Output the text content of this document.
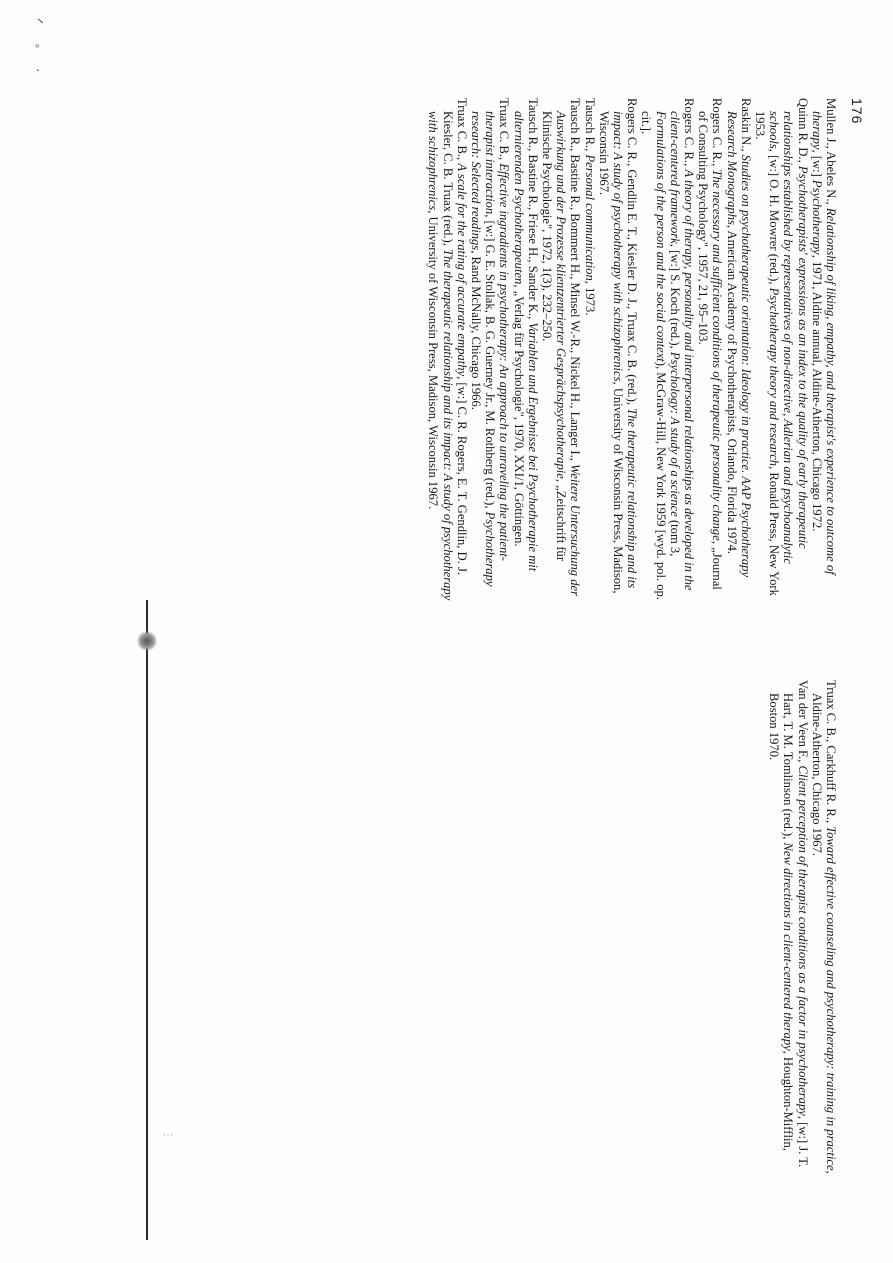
Mullen J., Abeles N., Relationship of liking, empathy, and therapist's experience to outcome of therapy, [w:] Psychotherapy, 1971, Aldine annual, Aldine-Atherton, Chicago 1972.

Quinn R. D., Psychotherapists' expressions as an index to the quality of early therapeutic relationships established by representatives of non-directive, Adlerian and psychoanalytic schools, [w:] O. H. Mowrer (red.), Psychotherapy theory and research, Ronald Press, New York 1953.

Raskin N., Studies on psychotherapeutic orientation: Ideology in practice. AAP Psychotherapy Research Monographs, American Academy of Psychotherapists, Orlando, Florida 1974.

Rogers C. R., The necessary and sufficient conditions of therapeutic personality change, „Journal of Consulting Psychology", 1957, 21, 95–103.

Rogers C. R., A theory of therapy, personality and interpersonal relationships as developed in the client-centered framework, [w:] S. Koch (red.), Psychology: A study of a science (tom 3, Formulations of the person and the social context), McGraw-Hill, New York 1959 [wyd. pol. op. cit.].

Rogers C. R., Gendlin E. T., Kiesler D. J., Truax C. B. (red.), The therapeutic relationship and its impact: A study of psychotherapy with schizophrenics, University of Wisconsin Press, Madison, Wisconsin 1967.

Tausch R., Personal communication, 1973.

Tausch R., Bastine R., Bommert H., Minsel W.-R., Nickel H., Langer I., Weitere Untersuchung der Auswirkung und der Prozesse klientzentrierter Gesprächspsychotherapie, „Zeitschrift für Klinische Psychologie", 1972, 1(3), 232–250.

Tausch R., Bastine R., Friese H., Sander K., Variablen und Ergebnisse bei Psychotherapie mit alternierenden Psychotherapeuten, „Verlag für Psychologie", 1970, XXI/1, Göttingen.

Truax C. B., Effective ingradients in psychotherapy: An approach to unraveling the patient-therapist interaction, [w:] G. E. Stollak, B. G. Guerney Jr., M. Rothberg (red.), Psychotherapy research: Selected readings, Rand McNally, Chicago 1966.

Truax C. B., A scale for the rating of accurate empathy, [w:] C. R. Rogers, E. T. Gendlin, D. J. Kiesler, C. B. Truax (red.), The therapeutic relationship and its impact: A study of psychotherapy with schizophrenics, University of Wisconsin Press, Madison, Wisconsin 1967.

Truax C. B., Carkhuff R. R., Toward effective counseling and psychotherapy: training in practice, Aldine-Atherton, Chicago 1967.

Van der Veen F., Client perception of therapist conditions as a factor in psychotherapy, [w:] J. T. Hart, T. M. Tomlinson (red.), New directions in client-centered therapy, Houghton-Mifflin, Boston 1970.

176
ᐟ ◦ ·
⋮
